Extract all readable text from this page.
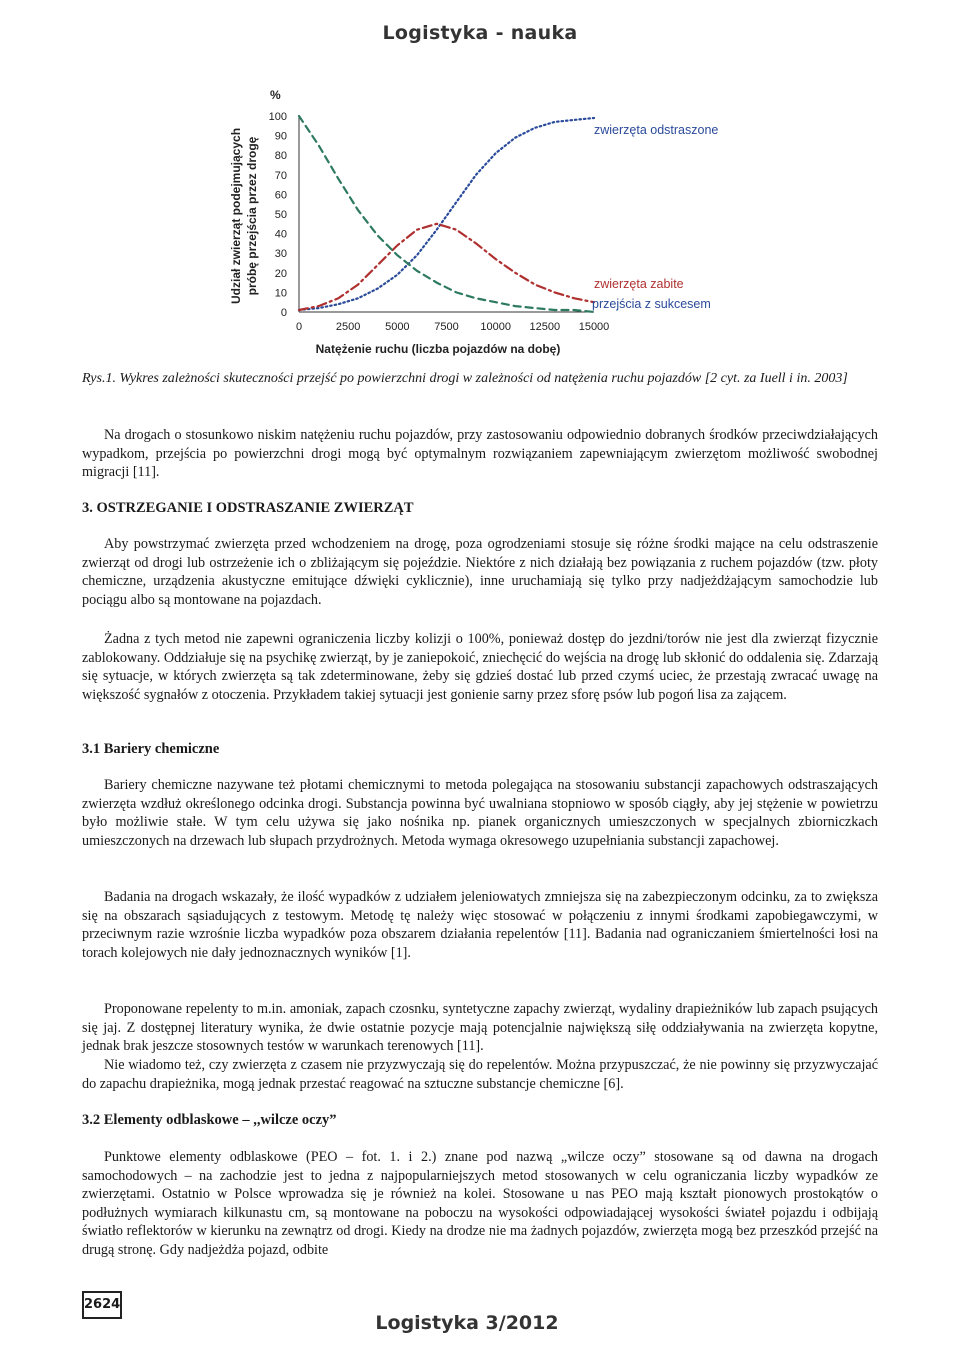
Logistyka - nauka
0
10
20
30
40
50
60
70
80
90
100
0	2500 5000 7500 10000 12500 15000
%
Udział zwierząt podejmujących próbę przejścia przez drogę
Natężenie ruchu (liczba pojazdów na dobę)
zwierzęta odstraszone
zwierzęta zabite
przejścia z sukcesem
Rys.1. Wykres zależności skuteczności przejść po powierzchni drogi w zależności od natężenia ruchu pojazdów [2 cyt. za Iuell i in. 2003]

Na drogach o stosunkowo niskim natężeniu ruchu pojazdów, przy zastosowaniu odpowiednio dobranych środków przeciwdziałających wypadkom, przejścia po powierzchni drogi mogą być optymalnym rozwiązaniem zapewniającym zwierzętom możliwość swobodnej migracji [11].

3. OSTRZEGANIE I ODSTRASZANIE ZWIERZĄT

Aby powstrzymać zwierzęta przed wchodzeniem na drogę, poza ogrodzeniami stosuje się różne środki mające na celu odstraszenie zwierząt od drogi lub ostrzeżenie ich o zbliżającym się pojeździe. Niektóre z nich działają bez powiązania z ruchem pojazdów (tzw. płoty chemiczne, urządzenia akustyczne emitujące dźwięki cyklicznie), inne uruchamiają się tylko przy nadjeżdżającym samochodzie lub pociągu albo są montowane na pojazdach.

Żadna z tych metod nie zapewni ograniczenia liczby kolizji o 100%, ponieważ dostęp do jezdni/torów nie jest dla zwierząt fizycznie zablokowany. Oddziałuje się na psychikę zwierząt, by je zaniepokoić, zniechęcić do wejścia na drogę lub skłonić do oddalenia się. Zdarzają się sytuacje, w których zwierzęta są tak zdeterminowane, żeby się gdzieś dostać lub przed czymś uciec, że przestają zwracać uwagę na większość sygnałów z otoczenia. Przykładem takiej sytuacji jest gonienie sarny przez sforę psów lub pogoń lisa za zającem.

3.1 Bariery chemiczne

Bariery chemiczne nazywane też płotami chemicznymi to metoda polegająca na stosowaniu substancji zapachowych odstraszających zwierzęta wzdłuż określonego odcinka drogi. Substancja powinna być uwalniana stopniowo w sposób ciągły, aby jej stężenie w powietrzu było możliwie stałe. W tym celu używa się jako nośnika np. pianek organicznych umieszczonych w specjalnych zbiorniczkach umieszczonych na drzewach lub słupach przydrożnych. Metoda wymaga okresowego uzupełniania substancji zapachowej.

Badania na drogach wskazały, że ilość wypadków z udziałem jeleniowatych zmniejsza się na zabezpieczonym odcinku, za to zwiększa się na obszarach sąsiadujących z testowym. Metodę tę należy więc stosować w połączeniu z innymi środkami zapobiegawczymi, w przeciwnym razie wzrośnie liczba wypadków poza obszarem działania repelentów [11]. Badania nad ograniczaniem śmiertelności łosi na torach kolejowych nie dały jednoznacznych wyników [1].

Proponowane repelenty to m.in. amoniak, zapach czosnku, syntetyczne zapachy zwierząt, wydaliny drapieżników lub zapach psujących się jaj. Z dostępnej literatury wynika, że dwie ostatnie pozycje mają potencjalnie największą siłę oddziaływania na zwierzęta kopytne, jednak brak jeszcze stosownych testów w warunkach terenowych [11].

Nie wiadomo też, czy zwierzęta z czasem nie przyzwyczają się do repelentów. Można przypuszczać, że nie powinny się przyzwyczajać do zapachu drapieżnika, mogą jednak przestać reagować na sztuczne substancje chemiczne [6].

3.2 Elementy odblaskowe – ,,wilcze oczy”

Punktowe elementy odblaskowe (PEO – fot. 1. i 2.) znane pod nazwą „wilcze oczy” stosowane są od dawna na drogach samochodowych – na zachodzie jest to jedna z najpopularniejszych metod stosowanych w celu ograniczania liczby wypadków ze zwierzętami. Ostatnio w Polsce wprowadza się je również na kolei. Stosowane u nas PEO mają kształt pionowych prostokątów o podłużnych wymiarach kilkunastu cm, są montowane na poboczu na wysokości odpowiadającej wysokości świateł pojazdu i odbijają światło reflektorów w kierunku na zewnątrz od drogi. Kiedy na drodze nie ma żadnych pojazdów, zwierzęta mogą bez przeszkód przejść na drugą stronę. Gdy nadjeżdża pojazd, odbite

2624
Logistyka 3/2012
